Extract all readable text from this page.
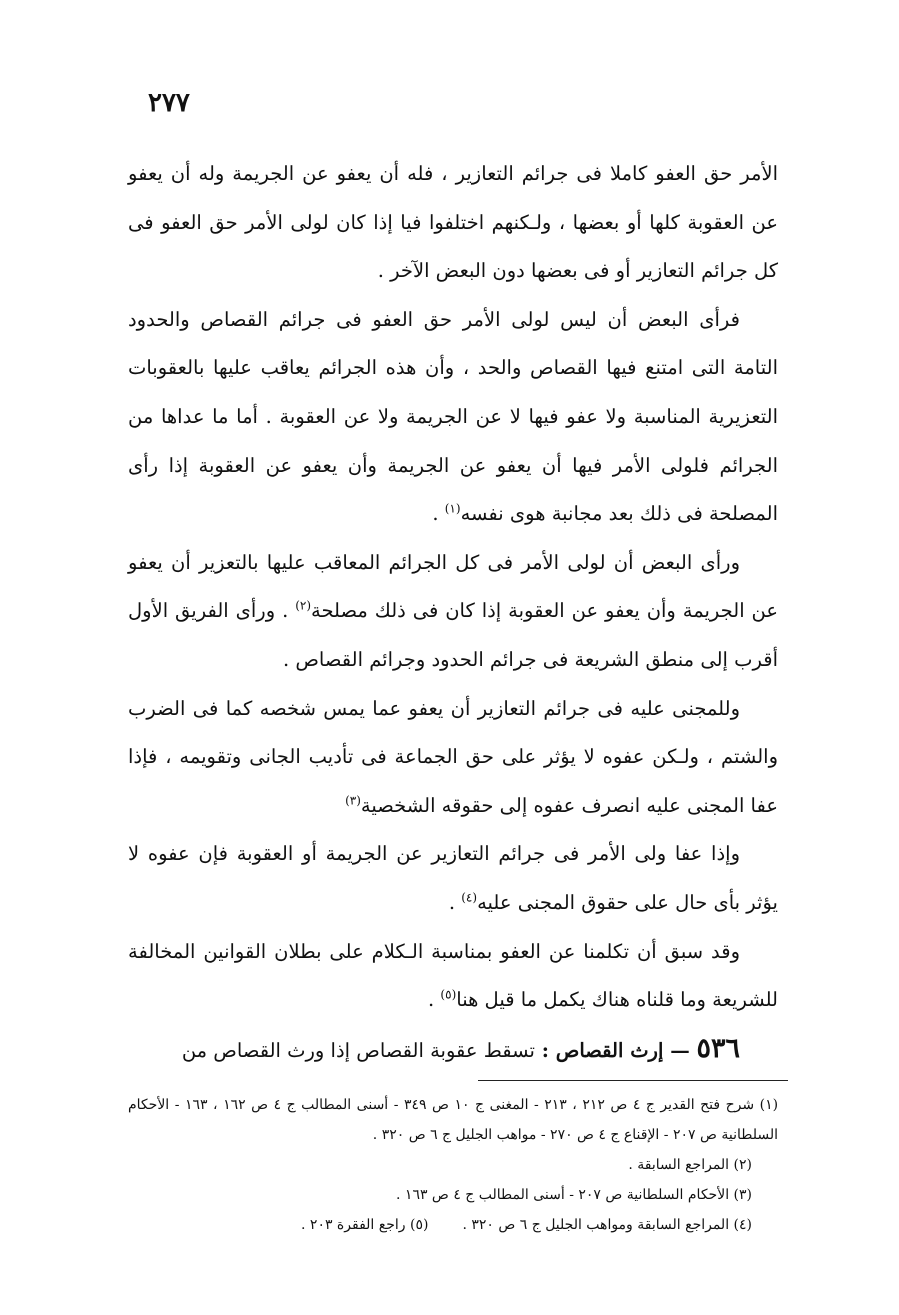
٢٧٧

الأمر حق العفو كاملا فى جرائم التعازير ، فله أن يعفو عن الجريمة وله أن يعفو عن العقوبة كلها أو بعضها ، ولـكنهم اختلفوا فيا إذا كان لولى الأمر حق العفو فى كل جرائم التعازير أو فى بعضها دون البعض الآخر .

فرأى البعض أن ليس لولى الأمر حق العفو فى جرائم القصاص والحدود التامة التى امتنع فيها القصاص والحد ، وأن هذه الجرائم يعاقب عليها بالعقوبات التعزيرية المناسبة ولا عفو فيها لا عن الجريمة ولا عن العقوبة . أما ما عداها من الجرائم فلولى الأمر فيها أن يعفو عن الجريمة وأن يعفو عن العقوبة إذا رأى المصلحة فى ذلك بعد مجانبة هوى نفسه$^{(١)}$ .

ورأى البعض أن لولى الأمر فى كل الجرائم المعاقب عليها بالتعزير أن يعفو عن الجريمة وأن يعفو عن العقوبة إذا كان فى ذلك مصلحة$^{(٢)}$ . ورأى الفريق الأول أقرب إلى منطق الشريعة فى جرائم الحدود وجرائم القصاص .

وللمجنى عليه فى جرائم التعازير أن يعفو عما يمس شخصه كما فى الضرب والشتم ، ولـكن عفوه لا يؤثر على حق الجماعة فى تأديب الجانى وتقويمه ، فإذا عفا المجنى عليه انصرف عفوه إلى حقوقه الشخصية$^{(٣)}$

وإذا عفا ولى الأمر فى جرائم التعازير عن الجريمة أو العقوبة فإن عفوه لا يؤثر بأى حال على حقوق المجنى عليه$^{(٤)}$ .

وقد سبق أن تكلمنا عن العفو بمناسبة الـكلام على بطلان القوانين المخالفة للشريعة وما قلناه هناك يكمل ما قيل هنا$^{(٥)}$ .

٥٣٦ — إرث القصاص : تسقط عقوبة القصاص إذا ورث القصاص من

(١) شرح فتح القدير ج ٤ ص ٢١٢ ، ٢١٣ - المغنى ج ١٠ ص ٣٤٩ - أسنى المطالب ج ٤ ص ١٦٢ ، ١٦٣ - الأحكام السلطانية ص ٢٠٧ - الإقناع ج ٤ ص ٢٧٠ - مواهب الجليل ج ٦ ص ٣٢٠ .

(٢) المراجع السابقة .

(٣) الأحكام السلطانية ص ٢٠٧ - أسنى المطالب ج ٤ ص ١٦٣ .

(٤) المراجع السابقة ومواهب الجليل ج ٦ ص ٣٢٠ .(٥) راجع الفقرة ٢٠٣ .
